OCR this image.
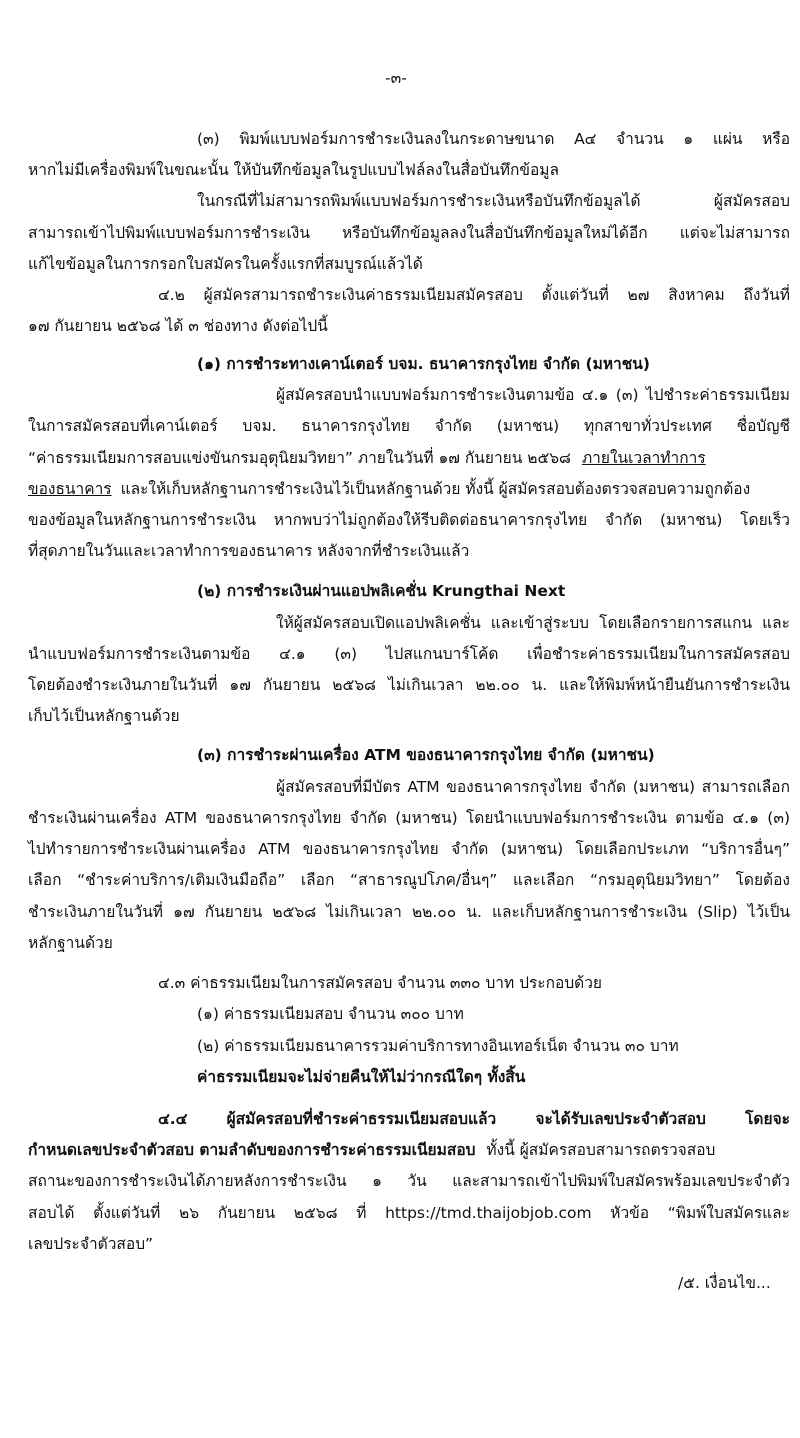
-๓-
(๓) พิมพ์แบบฟอร์มการชำระเงินลงในกระดาษขนาด A๔ จำนวน ๑ แผ่น หรือ
หากไม่มีเครื่องพิมพ์ในขณะนั้น ให้บันทึกข้อมูลในรูปแบบไฟล์ลงในสื่อบันทึกข้อมูล
ในกรณีที่ไม่สามารถพิมพ์แบบฟอร์มการชำระเงินหรือบันทึกข้อมูลได้ ผู้สมัครสอบ
สามารถเข้าไปพิมพ์แบบฟอร์มการชำระเงิน หรือบันทึกข้อมูลลงในสื่อบันทึกข้อมูลใหม่ได้อีก แต่จะไม่สามารถ
แก้ไขข้อมูลในการกรอกใบสมัครในครั้งแรกที่สมบูรณ์แล้วได้
๔.๒ ผู้สมัครสามารถชำระเงินค่าธรรมเนียมสมัครสอบ ตั้งแต่วันที่ ๒๗ สิงหาคม ถึงวันที่
๑๗ กันยายน ๒๕๖๘ ได้ ๓ ช่องทาง ดังต่อไปนี้
(๑) การชำระทางเคาน์เตอร์ บจม. ธนาคารกรุงไทย จำกัด (มหาชน)
ผู้สมัครสอบนำแบบฟอร์มการชำระเงินตามข้อ ๔.๑ (๓) ไปชำระค่าธรรมเนียม
ในการสมัครสอบที่เคาน์เตอร์ บจม. ธนาคารกรุงไทย จำกัด (มหาชน) ทุกสาขาทั่วประเทศ ชื่อบัญชี
“ค่าธรรมเนียมการสอบแข่งขันกรมอุตุนิยมวิทยา” ภายในวันที่ ๑๗ กันยายน ๒๕๖๘ ภายในเวลาทำการ
ของธนาคาร และให้เก็บหลักฐานการชำระเงินไว้เป็นหลักฐานด้วย ทั้งนี้ ผู้สมัครสอบต้องตรวจสอบความถูกต้อง
ของข้อมูลในหลักฐานการชำระเงิน หากพบว่าไม่ถูกต้องให้รีบติดต่อธนาคารกรุงไทย จำกัด (มหาชน) โดยเร็ว
ที่สุดภายในวันและเวลาทำการของธนาคาร หลังจากที่ชำระเงินแล้ว
(๒) การชำระเงินผ่านแอปพลิเคชั่น Krungthai Next
ให้ผู้สมัครสอบเปิดแอปพลิเคชั่น และเข้าสู่ระบบ โดยเลือกรายการสแกน และ
นำแบบฟอร์มการชำระเงินตามข้อ ๔.๑ (๓) ไปสแกนบาร์โค้ด เพื่อชำระค่าธรรมเนียมในการสมัครสอบ
โดยต้องชำระเงินภายในวันที่ ๑๗ กันยายน ๒๕๖๘ ไม่เกินเวลา ๒๒.๐๐ น. และให้พิมพ์หน้ายืนยันการชำระเงิน
เก็บไว้เป็นหลักฐานด้วย
(๓) การชำระผ่านเครื่อง ATM ของธนาคารกรุงไทย จำกัด (มหาชน)
ผู้สมัครสอบที่มีบัตร ATM ของธนาคารกรุงไทย จำกัด (มหาชน) สามารถเลือก
ชำระเงินผ่านเครื่อง ATM ของธนาคารกรุงไทย จำกัด (มหาชน) โดยนำแบบฟอร์มการชำระเงิน ตามข้อ ๔.๑ (๓)
ไปทำรายการชำระเงินผ่านเครื่อง ATM ของธนาคารกรุงไทย จำกัด (มหาชน) โดยเลือกประเภท “บริการอื่นๆ”
เลือก “ชำระค่าบริการ/เติมเงินมือถือ” เลือก “สาธารณูปโภค/อื่นๆ” และเลือก “กรมอุตุนิยมวิทยา” โดยต้อง
ชำระเงินภายในวันที่ ๑๗ กันยายน ๒๕๖๘ ไม่เกินเวลา ๒๒.๐๐ น. และเก็บหลักฐานการชำระเงิน (Slip) ไว้เป็น
หลักฐานด้วย
๔.๓ ค่าธรรมเนียมในการสมัครสอบ จำนวน ๓๓๐ บาท ประกอบด้วย
(๑) ค่าธรรมเนียมสอบ จำนวน ๓๐๐ บาท
(๒) ค่าธรรมเนียมธนาคารรวมค่าบริการทางอินเทอร์เน็ต จำนวน ๓๐ บาท
ค่าธรรมเนียมจะไม่จ่ายคืนให้ไม่ว่ากรณีใดๆ ทั้งสิ้น
๔.๔ ผู้สมัครสอบที่ชำระค่าธรรมเนียมสอบแล้ว จะได้รับเลขประจำตัวสอบ โดยจะ
กำหนดเลขประจำตัวสอบ ตามลำดับของการชำระค่าธรรมเนียมสอบ ทั้งนี้ ผู้สมัครสอบสามารถตรวจสอบ
สถานะของการชำระเงินได้ภายหลังการชำระเงิน ๑ วัน และสามารถเข้าไปพิมพ์ใบสมัครพร้อมเลขประจำตัว
สอบได้ ตั้งแต่วันที่ ๒๖ กันยายน ๒๕๖๘ ที่ https://tmd.thaijobjob.com หัวข้อ “พิมพ์ใบสมัครและ
เลขประจำตัวสอบ”
/๕. เงื่อนไข...
